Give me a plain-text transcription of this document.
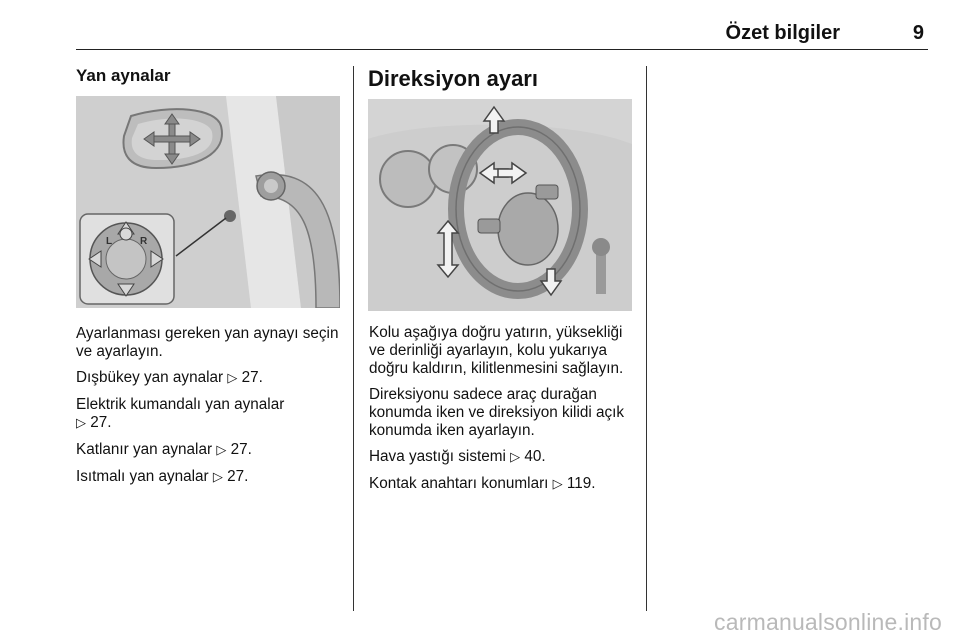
Özet bilgiler	9
Yan aynalar
L	R

Ayarlanması gereken yan aynayı seçin ve ayarlayın.

Dışbükey yan aynalar ▷ 27.

Elektrik kumandalı yan aynalar
▷ 27.

Katlanır yan aynalar ▷ 27.

Isıtmalı yan aynalar ▷ 27.

Direksiyon ayarı

Kolu aşağıya doğru yatırın, yüksekliği ve derinliği ayarlayın, kolu yukarıya doğru kaldırın, kilitlenmesini sağlayın.

Direksiyonu sadece araç durağan konumda iken ve direksiyon kilidi açık konumda iken ayarlayın.

Hava yastığı sistemi ▷ 40.

Kontak anahtarı konumları ▷ 119.

carmanualsonline.info
